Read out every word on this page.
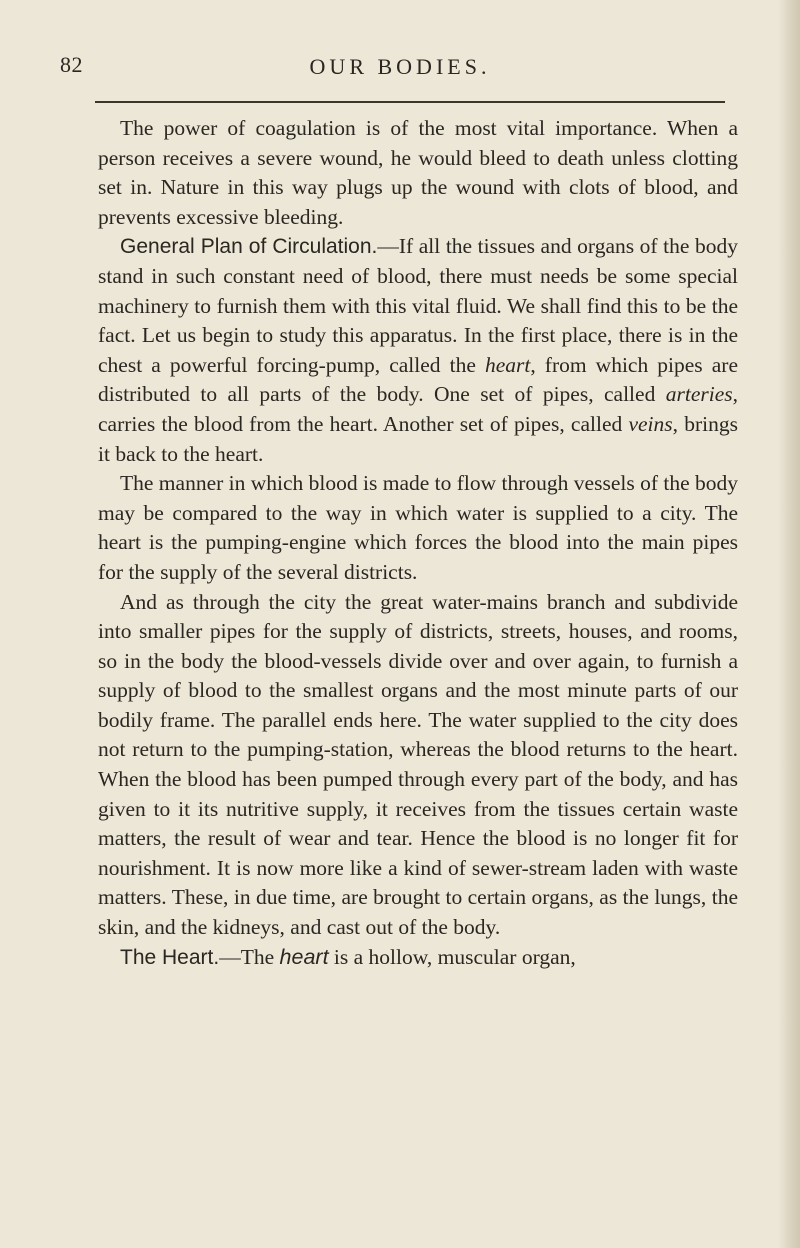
82	OUR BODIES.

The power of coagulation is of the most vital importance. When a person receives a severe wound, he would bleed to death unless clotting set in. Nature in this way plugs up the wound with clots of blood, and prevents excessive bleeding.

General Plan of Circulation.—If all the tissues and organs of the body stand in such constant need of blood, there must needs be some special machinery to furnish them with this vital fluid. We shall find this to be the fact. Let us begin to study this apparatus. In the first place, there is in the chest a powerful forcing-pump, called the heart, from which pipes are distributed to all parts of the body. One set of pipes, called arteries, carries the blood from the heart. Another set of pipes, called veins, brings it back to the heart.

The manner in which blood is made to flow through vessels of the body may be compared to the way in which water is supplied to a city. The heart is the pumping-engine which forces the blood into the main pipes for the supply of the several districts.

And as through the city the great water-mains branch and subdivide into smaller pipes for the supply of districts, streets, houses, and rooms, so in the body the blood-vessels divide over and over again, to furnish a supply of blood to the smallest organs and the most minute parts of our bodily frame. The parallel ends here. The water supplied to the city does not return to the pumping-station, whereas the blood returns to the heart. When the blood has been pumped through every part of the body, and has given to it its nutritive supply, it receives from the tissues certain waste matters, the result of wear and tear. Hence the blood is no longer fit for nourishment. It is now more like a kind of sewer-stream laden with waste matters. These, in due time, are brought to certain organs, as the lungs, the skin, and the kidneys, and cast out of the body.

The Heart.—The heart is a hollow, muscular organ,
